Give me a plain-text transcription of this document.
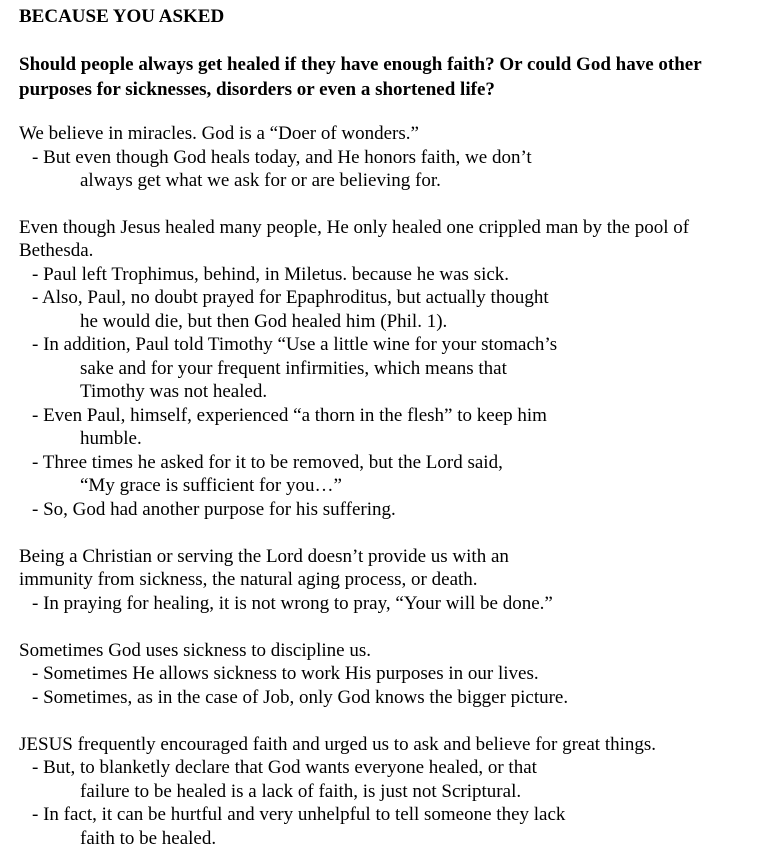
BECAUSE YOU ASKED
Should people always get healed if they have enough faith? Or could God have other
purposes for sicknesses, disorders or even a shortened life?
We believe in miracles. God is a “Doer of wonders.”
- But even though God heals today, and He honors faith, we don’t
always get what we ask for or are believing for.
Even though Jesus healed many people, He only healed one crippled man by the pool of
Bethesda.
- Paul left Trophimus, behind, in Miletus. because he was sick.
- Also, Paul, no doubt prayed for Epaphroditus, but actually thought
he would die, but then God healed him (Phil. 1).
- In addition, Paul told Timothy “Use a little wine for your stomach’s
sake and for your frequent infirmities, which means that
Timothy was not healed.
- Even Paul, himself, experienced “a thorn in the flesh” to keep him
humble.
- Three times he asked for it to be removed, but the Lord said,
“My grace is sufficient for you…”
- So, God had another purpose for his suffering.
Being a Christian or serving the Lord doesn’t provide us with an
immunity from sickness, the natural aging process, or death.
- In praying for healing, it is not wrong to pray, “Your will be done.”
Sometimes God uses sickness to discipline us.
- Sometimes He allows sickness to work His purposes in our lives.
- Sometimes, as in the case of Job, only God knows the bigger picture.
JESUS frequently encouraged faith and urged us to ask and believe for great things.
- But, to blanketly declare that God wants everyone healed, or that
failure to be healed is a lack of faith, is just not Scriptural.
- In fact, it can be hurtful and very unhelpful to tell someone they lack
faith to be healed.
